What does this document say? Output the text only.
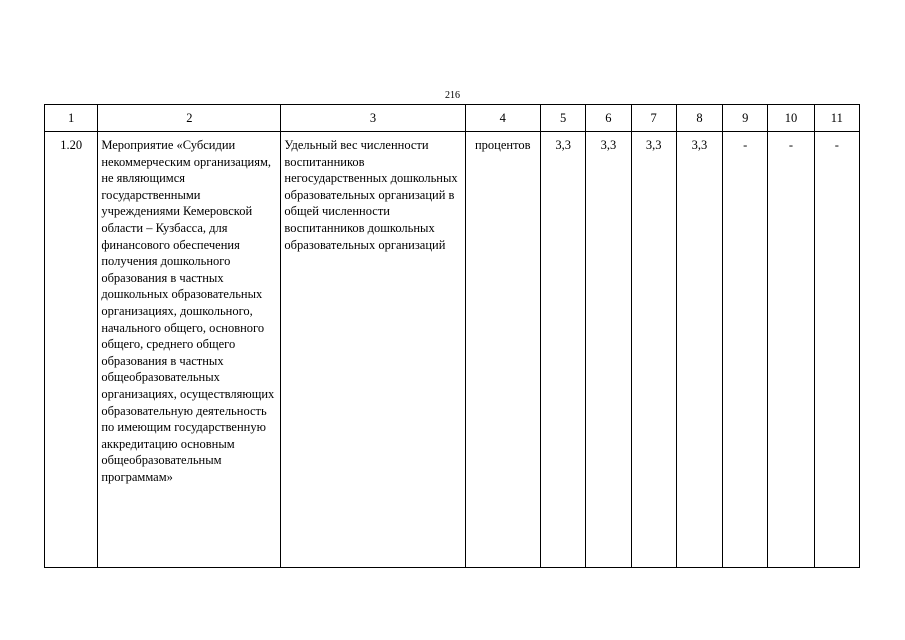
216
1	2	3	4	5	6	7	8	9	10	11
1.20	Мероприятие «Субсидии некоммерческим организациям, не являющимся государственными учреждениями Кемеровской области – Кузбасса, для финансового обеспечения получения дошкольного образования в частных дошкольных образовательных организациях, дошкольного, начального общего, основного общего, среднего общего образования в частных общеобразовательных организациях, осуществляющих образовательную деятельность по имеющим государственную аккредитацию основным общеобразовательным программам»	Удельный вес численности воспитанников негосударственных дошкольных образовательных организаций в общей численности воспитанников дошкольных образовательных организаций	процентов	3,3	3,3	3,3	3,3	-	-	-
